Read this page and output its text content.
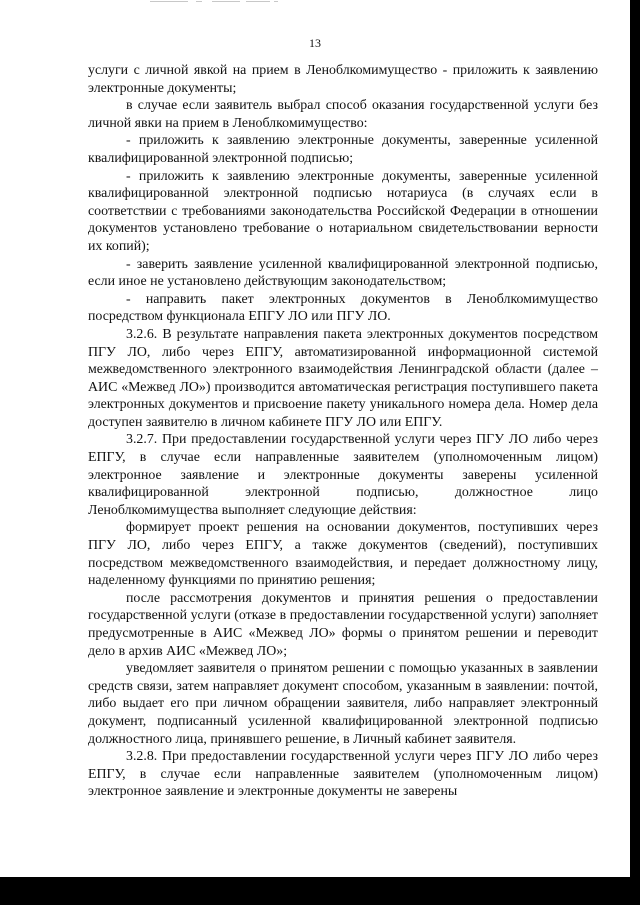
13

услуги с личной явкой на прием в Леноблкомимущество - приложить к заявлению электронные документы;

в случае если заявитель выбрал способ оказания государственной услуги без личной явки на прием в Леноблкомимущество:

- приложить к заявлению электронные документы, заверенные усиленной квалифицированной электронной подписью;

- приложить к заявлению электронные документы, заверенные усиленной квалифицированной электронной подписью нотариуса (в случаях если в соответствии с требованиями законодательства Российской Федерации в отношении документов установлено требование о нотариальном свидетельствовании верности их копий);

- заверить заявление усиленной квалифицированной электронной подписью, если иное не установлено действующим законодательством;

- направить пакет электронных документов в Леноблкомимущество посредством функционала ЕПГУ ЛО или ПГУ ЛО.

3.2.6. В результате направления пакета электронных документов посредством ПГУ ЛО, либо через ЕПГУ, автоматизированной информационной системой межведомственного электронного взаимодействия Ленинградской области (далее – АИС «Межвед ЛО») производится автоматическая регистрация поступившего пакета электронных документов и присвоение пакету уникального номера дела. Номер дела доступен заявителю в личном кабинете ПГУ ЛО или ЕПГУ.

3.2.7. При предоставлении государственной услуги через ПГУ ЛО либо через ЕПГУ, в случае если направленные заявителем (уполномоченным лицом) электронное заявление и электронные документы заверены усиленной квалифицированной электронной подписью, должностное лицо Леноблкомимущества выполняет следующие действия:

формирует проект решения на основании документов, поступивших через ПГУ ЛО, либо через ЕПГУ, а также документов (сведений), поступивших посредством межведомственного взаимодействия, и передает должностному лицу, наделенному функциями по принятию решения;

после рассмотрения документов и принятия решения о предоставлении государственной услуги (отказе в предоставлении государственной услуги) заполняет предусмотренные в АИС «Межвед ЛО» формы о принятом решении и переводит дело в архив АИС «Межвед ЛО»;

уведомляет заявителя о принятом решении с помощью указанных в заявлении средств связи, затем направляет документ способом, указанным в заявлении: почтой, либо выдает его при личном обращении заявителя, либо направляет электронный документ, подписанный усиленной квалифицированной электронной подписью должностного лица, принявшего решение, в Личный кабинет заявителя.

3.2.8. При предоставлении государственной услуги через ПГУ ЛО либо через ЕПГУ, в случае если направленные заявителем (уполномоченным лицом) электронное заявление и электронные документы не заверены
